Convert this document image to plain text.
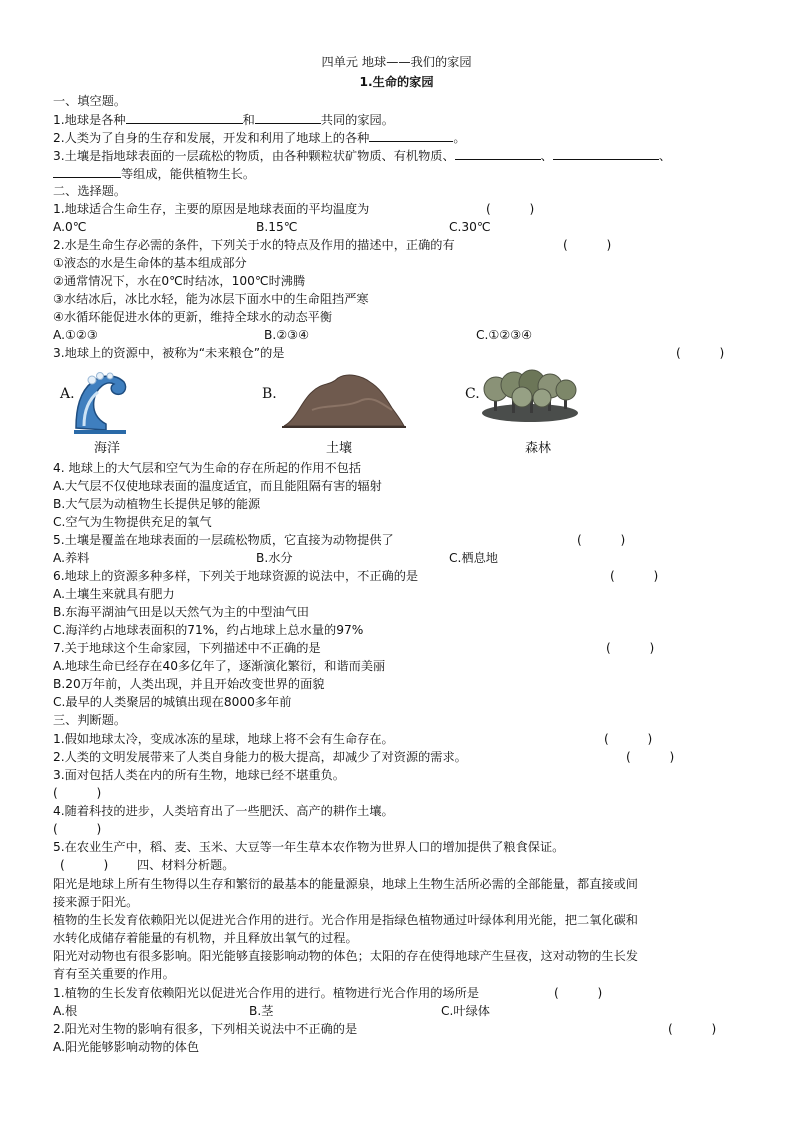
四单元 地球——我们的家园
1.生命的家园
一、填空题。
1.地球是各种	和	共同的家园。
2.人类为了自身的生存和发展，开发和利用了地球上的各种	。
3.土壤是指地球表面的一层疏松的物质，由各种颗粒状矿物质、有机物质、	、	、
等组成，能供植物生长。
二、选择题。
1.地球适合生命生存，主要的原因是地球表面的平均温度为	(          )
A.0℃	B.15℃	C.30℃
2.水是生命生存必需的条件，下列关于水的特点及作用的描述中，正确的有	(          )
①液态的水是生命体的基本组成部分
②通常情况下，水在0℃时结冰，100℃时沸腾
③水结冰后，冰比水轻，能为冰层下面水中的生命阻挡严寒
④水循环能促进水体的更新，维持全球水的动态平衡
A.①②③	B.②③④	C.①②③④
3.地球上的资源中，被称为“未来粮仓”的是	(          )
A.
海洋
B.
土壤
C.
森林
4. 地球上的大气层和空气为生命的存在所起的作用不包括
A.大气层不仅使地球表面的温度适宜，而且能阻隔有害的辐射
B.大气层为动植物生长提供足够的能源
C.空气为生物提供充足的氧气
5.土壤是覆盖在地球表面的一层疏松物质，它直接为动物提供了	(          )
A.养料	B.水分	C.栖息地
6.地球上的资源多种多样，下列关于地球资源的说法中，不正确的是	(          )
A.土壤生来就具有肥力
B.东海平湖油气田是以天然气为主的中型油气田
C.海洋约占地球表面积的71%，约占地球上总水量的97%
7.关于地球这个生命家园，下列描述中不正确的是	(          )
A.地球生命已经存在40多亿年了，逐渐演化繁衍，和谐而美丽
B.20万年前，人类出现，并且开始改变世界的面貌
C.最早的人类聚居的城镇出现在8000多年前
三、判断题。
1.假如地球太冷，变成冰冻的星球，地球上将不会有生命存在。	(          )
2.人类的文明发展带来了人类自身能力的极大提高，却减少了对资源的需求。	(          )
3.面对包括人类在内的所有生物，地球已经不堪重负。
(          )
4.随着科技的进步，人类培育出了一些肥沃、高产的耕作土壤。
(          )
5.在农业生产中，稻、麦、玉米、大豆等一年生草本农作物为世界人口的增加提供了粮食保证。
(          ) 四、材料分析题。
阳光是地球上所有生物得以生存和繁衍的最基本的能量源泉，地球上生物生活所必需的全部能量，都直接或间
接来源于阳光。
植物的生长发育依赖阳光以促进光合作用的进行。光合作用是指绿色植物通过叶绿体利用光能，把二氧化碳和
水转化成储存着能量的有机物，并且释放出氧气的过程。
阳光对动物也有很多影响。阳光能够直接影响动物的体色；太阳的存在使得地球产生昼夜，这对动物的生长发
育有至关重要的作用。
1.植物的生长发育依赖阳光以促进光合作用的进行。植物进行光合作用的场所是	(          )
A.根	B.茎	C.叶绿体
2.阳光对生物的影响有很多，下列相关说法中不正确的是	(          )
A.阳光能够影响动物的体色
